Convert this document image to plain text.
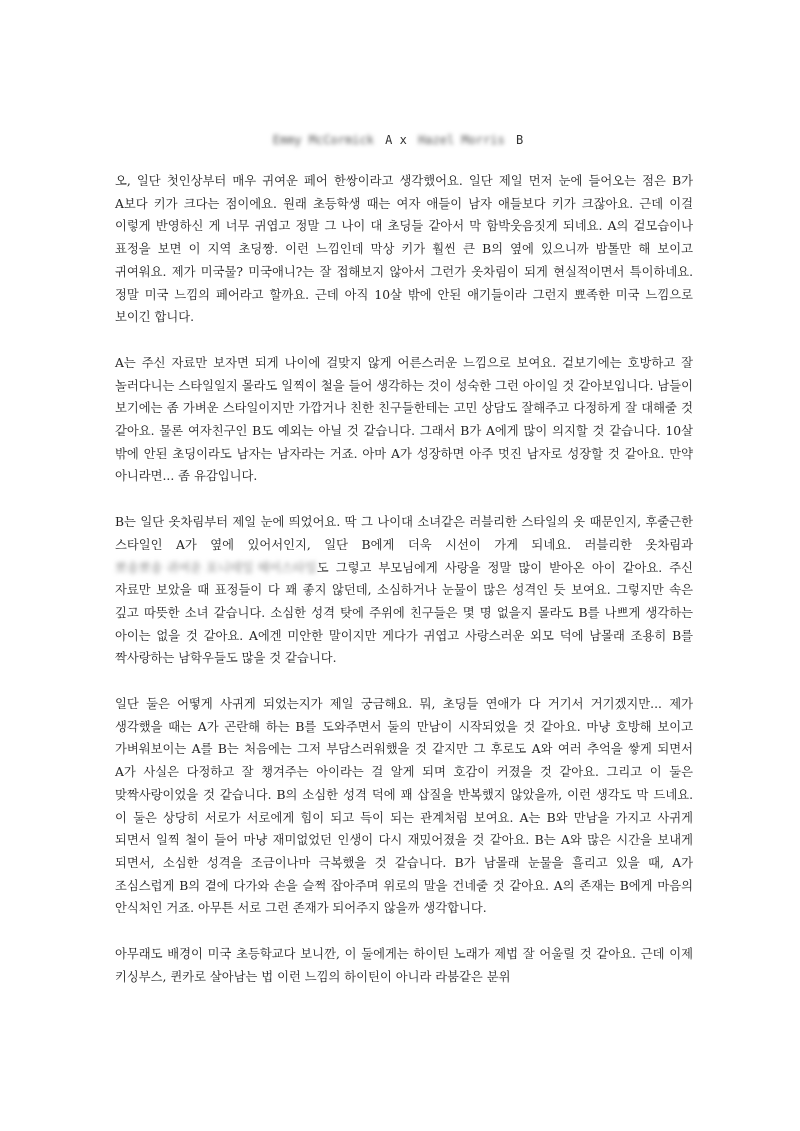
Emmy McCormick A x Hazel Morris B

오, 일단 첫인상부터 매우 귀여운 페어 한쌍이라고 생각했어요. 일단 제일 먼저 눈에 들어오는 점은 B가 A보다 키가 크다는 점이에요. 원래 초등학생 때는 여자 애들이 남자 애들보다 키가 크잖아요. 근데 이걸 이렇게 반영하신 게 너무 귀엽고 정말 그 나이 대 초딩들 같아서 막 함박웃음짓게 되네요. A의 겉모습이나 표정을 보면 이 지역 초딩짱. 이런 느낌인데 막상 키가 훨씬 큰 B의 옆에 있으니까 밤톨만 해 보이고 귀여워요. 제가 미국물? 미국애니?는 잘 접해보지 않아서 그런가 옷차림이 되게 현실적이면서 특이하네요. 정말 미국 느낌의 페어라고 할까요. 근데 아직 10살 밖에 안된 애기들이라 그런지 뾰족한 미국 느낌으로 보이긴 합니다.

A는 주신 자료만 보자면 되게 나이에 걸맞지 않게 어른스러운 느낌으로 보여요. 겉보기에는 호방하고 잘 놀러다니는 스타일일지 몰라도 일찍이 철을 들어 생각하는 것이 성숙한 그런 아이일 것 같아보입니다. 남들이 보기에는 좀 가벼운 스타일이지만 가깝거나 친한 친구들한테는 고민 상담도 잘해주고 다정하게 잘 대해줄 것 같아요. 물론 여자친구인 B도 예외는 아닐 것 같습니다. 그래서 B가 A에게 많이 의지할 것 같습니다. 10살 밖에 안된 초딩이라도 남자는 남자라는 거죠. 아마 A가 성장하면 아주 멋진 남자로 성장할 것 같아요. 만약 아니라면... 좀 유감입니다.

B는 일단 옷차림부터 제일 눈에 띄었어요. 딱 그 나이대 소녀같은 러블리한 스타일의 옷 때문인지, 후줄근한 스타일인 A가 옆에 있어서인지, 일단 B에게 더욱 시선이 가게 되네요. 러블리한 옷차림과 뽀송뽀송 귀여운 포니테일 헤어스타일도 그렇고 부모님에게 사랑을 정말 많이 받아온 아이 같아요. 주신 자료만 보았을 때 표정들이 다 꽤 좋지 않던데, 소심하거나 눈물이 많은 성격인 듯 보여요. 그렇지만 속은 깊고 따뜻한 소녀 같습니다. 소심한 성격 탓에 주위에 친구들은 몇 명 없을지 몰라도 B를 나쁘게 생각하는 아이는 없을 것 같아요. A에겐 미안한 말이지만 게다가 귀엽고 사랑스러운 외모 덕에 남몰래 조용히 B를 짝사랑하는 남학우들도 많을 것 같습니다.

일단 둘은 어떻게 사귀게 되었는지가 제일 궁금해요. 뭐, 초딩들 연애가 다 거기서 거기겠지만... 제가 생각했을 때는 A가 곤란해 하는 B를 도와주면서 둘의 만남이 시작되었을 것 같아요. 마냥 호방해 보이고 가벼워보이는 A를 B는 처음에는 그저 부담스러워했을 것 같지만 그 후로도 A와 여러 추억을 쌓게 되면서 A가 사실은 다정하고 잘 챙겨주는 아이라는 걸 알게 되며 호감이 커졌을 것 같아요. 그리고 이 둘은 맞짝사랑이었을 것 같습니다. B의 소심한 성격 덕에 꽤 삽질을 반복했지 않았을까, 이런 생각도 막 드네요. 이 둘은 상당히 서로가 서로에게 힘이 되고 득이 되는 관계처럼 보여요. A는 B와 만남을 가지고 사귀게 되면서 일찍 철이 들어 마냥 재미없었던 인생이 다시 재밌어졌을 것 같아요. B는 A와 많은 시간을 보내게 되면서, 소심한 성격을 조금이나마 극복했을 것 같습니다. B가 남몰래 눈물을 흘리고 있을 때, A가 조심스럽게 B의 곁에 다가와 손을 슬쩍 잡아주며 위로의 말을 건네줄 것 같아요. A의 존재는 B에게 마음의 안식처인 거죠. 아무튼 서로 그런 존재가 되어주지 않을까 생각합니다.

아무래도 배경이 미국 초등학교다 보니깐, 이 둘에게는 하이틴 노래가 제법 잘 어울릴 것 같아요. 근데 이제 키싱부스, 퀸카로 살아남는 법 이런 느낌의 하이틴이 아니라 라붐같은 분위
